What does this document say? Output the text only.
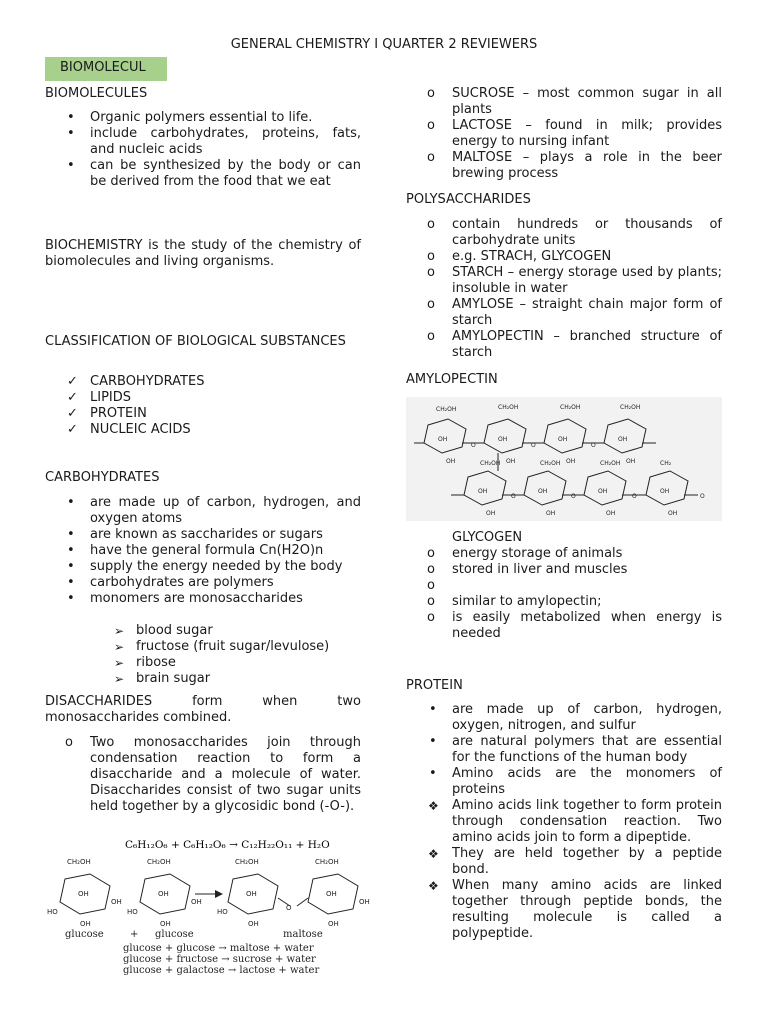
GENERAL CHEMISTRY I QUARTER 2 REVIEWERS
BIOMOLECUL
BIOMOLECULES
• Organic polymers essential to life.
• include carbohydrates, proteins, fats, and nucleic acids
• can be synthesized by the body or can be derived from the food that we eat
BIOCHEMISTRY is the study of the chemistry of biomolecules and living organisms.
CLASSIFICATION OF BIOLOGICAL SUBSTANCES
✓ CARBOHYDRATES
✓ LIPIDS
✓ PROTEIN
✓ NUCLEIC ACIDS
CARBOHYDRATES
• are made up of carbon, hydrogen, and oxygen atoms
• are known as saccharides or sugars
• have the general formula Cn(H2O)n
• supply the energy needed by the body
• carbohydrates are polymers
• monomers are monosaccharides
➢ blood sugar
➢ fructose (fruit sugar/levulose)
➢ ribose
➢ brain sugar
DISACCHARIDES form when two monosaccharides combined.
o Two monosaccharides join through condensation reaction to form a disaccharide and a molecule of water. Disaccharides consist of two sugar units held together by a glycosidic bond (-O-).
C₆H₁₂O₆ + C₆H₁₂O₆ → C₁₂H₂₂O₁₁ + H₂O
CH₂OH	CH₂OH	CH₂OH	CH₂OH
OH	OH	OH	OH
HO	HO	HO
OH	OH
O
OH
OH	OH	OH	OH
glucose	+ glucose	maltose
glucose + glucose → maltose + water
glucose + fructose → sucrose + water
glucose + galactose → lactose + water
o SUCROSE – most common sugar in all plants
o LACTOSE – found in milk; provides energy to nursing infant
o MALTOSE – plays a role in the beer brewing process
POLYSACCHARIDES
o contain hundreds or thousands of carbohydrate units
o e.g. STRACH, GLYCOGEN
o STARCH – energy storage used by plants; insoluble in water
o AMYLOSE – straight chain major form of starch
o AMYLOPECTIN – branched structure of starch
AMYLOPECTIN
CH₂OH	CH₂OH	CH₂OH	CH₂OH
CH₂OH	CH₂OH	CH₂OH	CH₂
OH	OH	OH	OH
OH	OH	OH	OH
O	O	O
O	O	O	O
OH	OH	OH	OH
OH	OH	OH	OH
GLYCOGEN
o energy storage of animals
o stored in liver and muscles
o
o similar to amylopectin;
o is easily metabolized when energy is needed
PROTEIN
• are made up of carbon, hydrogen, oxygen, nitrogen, and sulfur
• are natural polymers that are essential for the functions of the human body
• Amino acids are the monomers of proteins
❖ Amino acids link together to form protein through condensation reaction. Two amino acids join to form a dipeptide.
❖ They are held together by a peptide bond.
❖ When many amino acids are linked together through peptide bonds, the resulting molecule is called a polypeptide.
